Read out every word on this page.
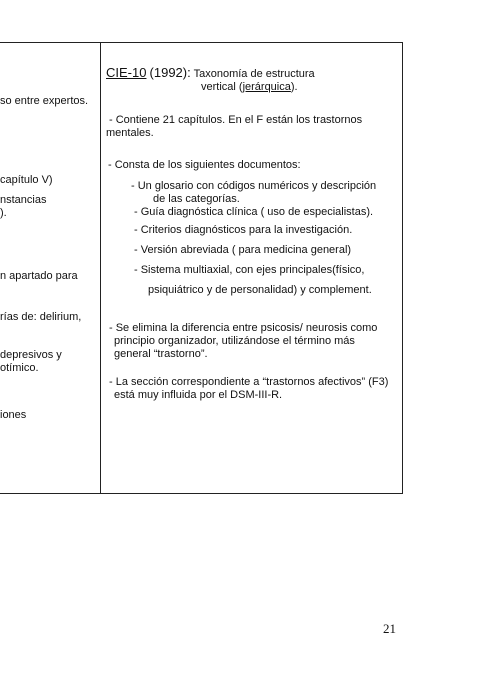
so entre expertos.
capítulo V)
nstancias
).
n apartado para
rías de: delirium,
depresivos y
otímico.
iones
CIE-10 (1992): Taxonomía de estructura
vertical (jerárquica).
- Contiene 21 capítulos. En el F están los trastornos
mentales.
- Consta de los siguientes documentos:
- Un glosario con códigos numéricos y descripción
de las categorías.
- Guía diagnóstica clínica ( uso de especialistas).
- Criterios diagnósticos para la investigación.
- Versión abreviada ( para medicina general)
- Sistema multiaxial, con ejes principales(físico,
psiquiátrico y de personalidad) y complement.
- Se elimina la diferencia entre psicosis/ neurosis como
principio organizador, utilizándose el término más
general “trastorno”.
- La sección correspondiente a “trastornos afectivos” (F3)
está muy influida por el DSM-III-R.
21
